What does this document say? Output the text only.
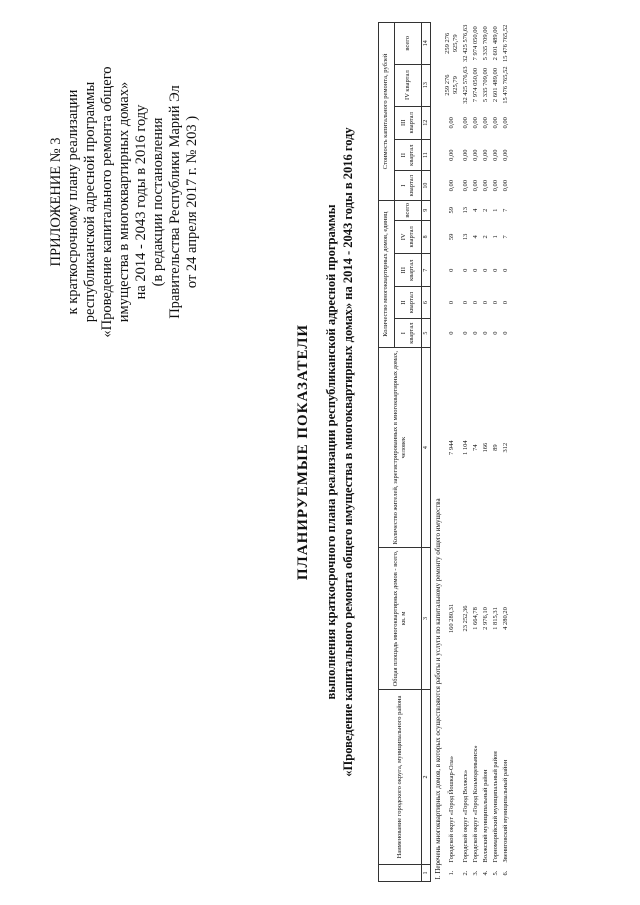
ПРИЛОЖЕНИЕ № 3 к краткосрочному плану реализации республиканской адресной программы «Проведение капитального ремонта общего имущества в многоквартирных домах» на 2014 - 2043 годы в 2016 году (в редакции постановления Правительства Республики Марий Эл от 24 апреля 2017 г. № 203 )
ПЛАНИРУЕМЫЕ ПОКАЗАТЕЛИ выполнения краткосрочного плана реализации республиканской адресной программы «Проведение капитального ремонта общего имущества в многоквартирных домах» на 2014 - 2043 годы в 2016 году
	Наименование городского округа, муниципального района	Общая площадь многоквартирных домов - всего, кв. м	Количество жителей, зарегистрированных в многоквартирных домах, человек	Количество многоквартирных домов, единиц					Стоимость капитального ремонта, рублей				
				I квартал	II квартал	III квартал	IV квартал	всего	I квартал	II квартал	III квартал	IV квартал	всего
1	2	3	4	5	6	7	8	9	10	11	12	13	14
I. Перечень многоквартирных домов, в которых осуществляются работы и услуги по капитальному ремонту общего имущества													
1.	Городской округ «Город Йошкар-Ола»	160 280,31	7 944	0	0	0	59	59	0,00	0,00	0,00	259 276 925,79	259 276 925,79
2.	Городской округ «Город Волжск»	23 252,36	1 104	0	0	0	13	13	0,00	0,00	0,00	32 425 576,63	32 425 576,63
3.	Городской округ «Город Козьмодемьянск»	1 664,78	74	0	0	0	4	4	0,00	0,00	0,00	7 974 050,00	7 974 050,00
4.	Волжский муниципальный район	2 976,10	166	0	0	0	2	2	0,00	0,00	0,00	5 335 709,00	5 335 709,00
5.	Горномарийский муниципальный район	1 815,31	89	0	0	0	1	1	0,00	0,00	0,00	2 601 489,00	2 601 489,00
6.	Звениговский муниципальный район	4 280,20	312	0	0	0	7	7	0,00	0,00	0,00	15 476 765,52	15 476 765,52
